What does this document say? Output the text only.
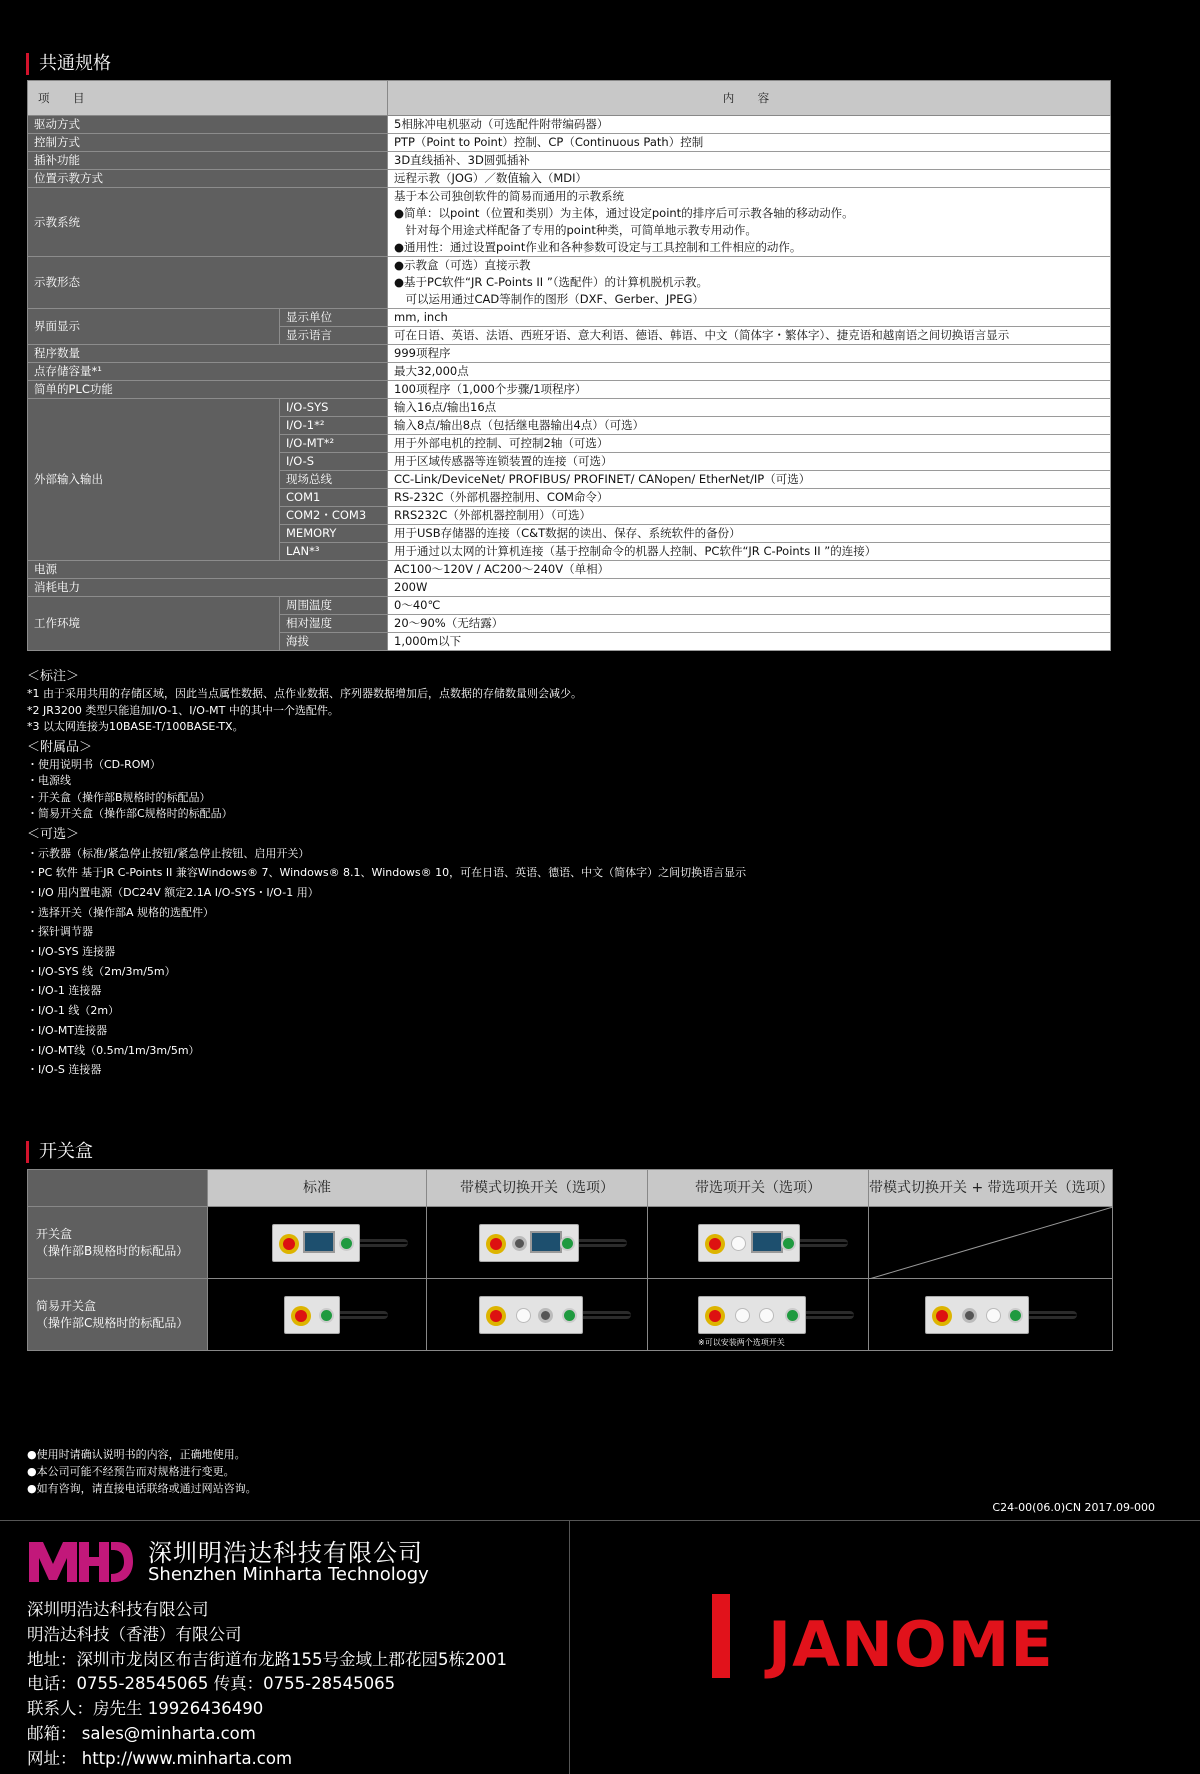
共通规格
项　目		内　容
驱动方式		5相脉冲电机驱动（可选配件附带编码器）
控制方式		PTP（Point to Point）控制、CP（Continuous Path）控制
插补功能		3D直线插补、3D圆弧插补
位置示教方式		远程示教（JOG）／数值输入（MDI）
示教系统		基于本公司独创软件的简易而通用的示教系统
●简单：以point（位置和类别）为主体，通过设定point的排序后可示教各轴的移动动作。
　针对每个用途式样配备了专用的point种类，可简单地示教专用动作。
●通用性：通过设置point作业和各种参数可设定与工具控制和工件相应的动作。

示教形态		●示教盒（可选）直接示教
●基于PC软件“JR C-Points II ”（选配件）的计算机脱机示教。
　可以运用通过CAD等制作的图形（DXF、Gerber、JPEG）

界面显示	显示单位	mm, inch
	显示语言	可在日语、英语、法语、西班牙语、意大利语、德语、韩语、中文（简体字・繁体字）、捷克语和越南语之间切换语言显示
程序数量		999项程序
点存储容量*¹		最大32,000点
简单的PLC功能		100项程序（1,000个步骤/1项程序）
外部输入输出	I/O-SYS	输入16点/输出16点
	I/O-1*²	输入8点/输出8点（包括继电器输出4点）（可选）
	I/O-MT*²	用于外部电机的控制、可控制2轴（可选）
	I/O-S	用于区域传感器等连锁装置的连接（可选）
	现场总线	CC-Link/DeviceNet/ PROFIBUS/ PROFINET/ CANopen/ EtherNet/IP（可选）
	COM1	RS-232C（外部机器控制用、COM命令）
	COM2・COM3	RRS232C（外部机器控制用）（可选）
	MEMORY	用于USB存储器的连接（C&T数据的读出、保存、系统软件的备份）
	LAN*³	用于通过以太网的计算机连接（基于控制命令的机器人控制、PC软件“JR C-Points II ”的连接）
电源		AC100～120V / AC200～240V（单相）
消耗电力		200W
工作环境	周围温度	0～40℃
	相对湿度	20～90%（无结露）
	海拔	1,000m以下
＜标注＞
*1 由于采用共用的存储区域，因此当点属性数据、点作业数据、序列器数据增加后，点数据的存储数量则会减少。
*2 JR3200 类型只能追加I/O-1、I/O-MT 中的其中一个选配件。
*3 以太网连接为10BASE-T/100BASE-TX。
＜附属品＞
・使用说明书（CD-ROM）
・电源线
・开关盒（操作部B规格时的标配品）
・简易开关盒（操作部C规格时的标配品）
＜可选＞
・示教器（标准/紧急停止按钮/紧急停止按钮、启用开关）
・PC 软件 基于JR C-Points II 兼容Windows® 7、Windows® 8.1、Windows® 10，可在日语、英语、德语、中文（简体字）之间切换语言显示
・I/O 用内置电源（DC24V 额定2.1A I/O-SYS・I/O-1 用）
・选择开关（操作部A 规格的选配件）
・探针调节器
・I/O-SYS 连接器
・I/O-SYS 线（2m/3m/5m）
・I/O-1 连接器
・I/O-1 线（2m）
・I/O-MT连接器
・I/O-MT线（0.5m/1m/3m/5m）
・I/O-S 连接器
开关盒
	标准	带模式切换开关（选项）	带选项开关（选项）	带模式切换开关 + 带选项开关（选项）

开关盒
（操作部B规格时的标配品）

简易开关盒
（操作部C规格时的标配品）			※可以安装两个选项开关	

●使用时请确认说明书的内容，正确地使用。
●本公司可能不经预告而对规格进行变更。
●如有咨询，请直接电话联络或通过网站咨询。
C24-00(06.0)CN 2017.09-000
深圳明浩达科技有限公司
Shenzhen Minharta Technology
深圳明浩达科技有限公司
明浩达科技（香港）有限公司
地址：深圳市龙岗区布吉街道布龙路155号金域上郡花园5栋2001
电话：0755-28545065 传真：0755-28545065
联系人：房先生 19926436490
邮箱： sales@minharta.com
网址： http://www.minharta.com
JANOME
